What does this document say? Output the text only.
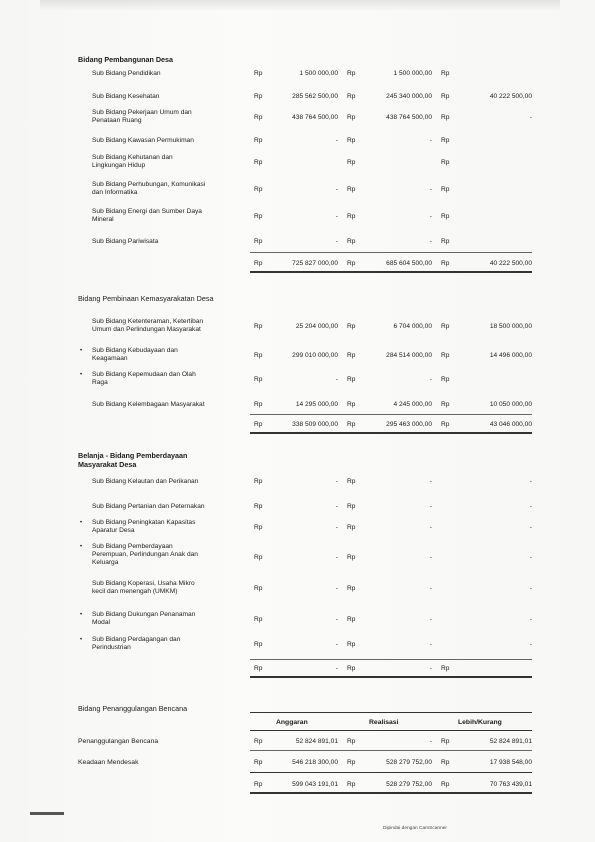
Bidang Pembangunan Desa
Sub Bidang Pendidikan	Rp	1 500 000,00 Rp	1 500 000,00 Rp
Sub Bidang Kesehatan	Rp	285 562 500,00 Rp	245 340 000,00 Rp	40 222 500,00
Sub Bidang Pekerjaan Umum dan
Penataan Ruang	Rp	438 764 500,00 Rp	438 764 500,00 Rp	-
Sub Bidang Kawasan Permukiman	Rp	- Rp	- Rp
Sub Bidang Kehutanan dan
Lingkungan Hidup	Rp	Rp	Rp
Sub Bidang Perhubungan, Komunikasi
dan Informatika	Rp	- Rp	- Rp
Sub Bidang Energi dan Sumber Daya
Mineral	Rp	- Rp	- Rp
Sub Bidang Pariwisata	Rp	- Rp	- Rp
Rp	725 827 000,00 Rp	685 604 500,00 Rp	40 222 500,00
Bidang Pembinaan Kemasyarakatan Desa
Sub Bidang Ketenteraman, Ketertiban
Umum dan Perlindungan Masyarakat	Rp	25 204 000,00 Rp	6 704 000,00 Rp	18 500 000,00
• Sub Bidang Kebudayaan dan
Keagamaan	Rp	299 010 000,00 Rp	284 514 000,00 Rp	14 496 000,00
• Sub Bidang Kepemudaan dan Olah
Raga	Rp	- Rp	- Rp
Sub Bidang Kelembagaan Masyarakat	Rp	14 295 000,00 Rp	4 245 000,00 Rp	10 050 000,00
Rp	338 509 000,00 Rp	295 463 000,00 Rp	43 046 000,00
Belanja - Bidang Pemberdayaan
Masyarakat Desa
Sub Bidang Kelautan dan Perikanan	Rp	- Rp	-	-
Sub Bidang Pertanian dan Peternakan	Rp	- Rp	-	-
• Sub Bidang Peningkatan Kapasitas
Aparatur Desa	Rp	- Rp	-	-
• Sub Bidang Pemberdayaan
Perempuan, Perlindungan Anak dan
Keluarga
Rp	- Rp	-	-
Sub Bidang Koperasi, Usaha Mikro
kecil dan menengah (UMKM)	Rp	- Rp	-	-
• Sub Bidang Dukungan Penanaman
Modal	Rp	- Rp	-	-
• Sub Bidang Perdagangan dan
Perindustrian	Rp	- Rp	-	-
Rp	- Rp	- Rp
Bidang Penanggulangan Bencana
Anggaran	Realisasi	Lebih/Kurang
Penanggulangan Bencana	Rp	52 824 891,01 Rp	- Rp	52 824 891,01
Keadaan Mendesak	Rp	546 218 300,00 Rp	528 279 752,00 Rp	17 938 548,00
Rp	599 043 191,01 Rp	528 279 752,00 Rp	70 763 439,01
Dipindai dengan CamScanner
